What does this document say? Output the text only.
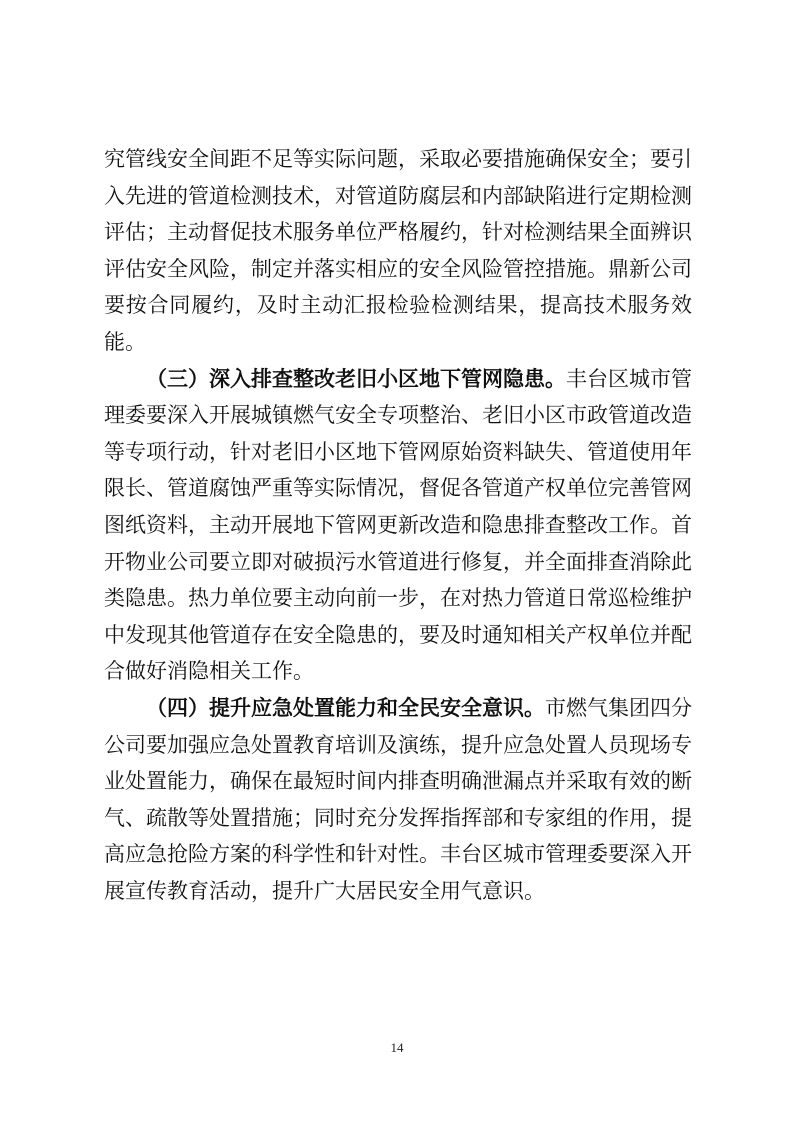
究管线安全间距不足等实际问题，采取必要措施确保安全；要引入先进的管道检测技术，对管道防腐层和内部缺陷进行定期检测评估；主动督促技术服务单位严格履约，针对检测结果全面辨识评估安全风险，制定并落实相应的安全风险管控措施。鼎新公司要按合同履约，及时主动汇报检验检测结果，提高技术服务效能。

（三）深入排查整改老旧小区地下管网隐患。丰台区城市管理委要深入开展城镇燃气安全专项整治、老旧小区市政管道改造等专项行动，针对老旧小区地下管网原始资料缺失、管道使用年限长、管道腐蚀严重等实际情况，督促各管道产权单位完善管网图纸资料，主动开展地下管网更新改造和隐患排查整改工作。首开物业公司要立即对破损污水管道进行修复，并全面排查消除此类隐患。热力单位要主动向前一步，在对热力管道日常巡检维护中发现其他管道存在安全隐患的，要及时通知相关产权单位并配合做好消隐相关工作。

（四）提升应急处置能力和全民安全意识。市燃气集团四分公司要加强应急处置教育培训及演练，提升应急处置人员现场专业处置能力，确保在最短时间内排查明确泄漏点并采取有效的断气、疏散等处置措施；同时充分发挥指挥部和专家组的作用，提高应急抢险方案的科学性和针对性。丰台区城市管理委要深入开展宣传教育活动，提升广大居民安全用气意识。

14
